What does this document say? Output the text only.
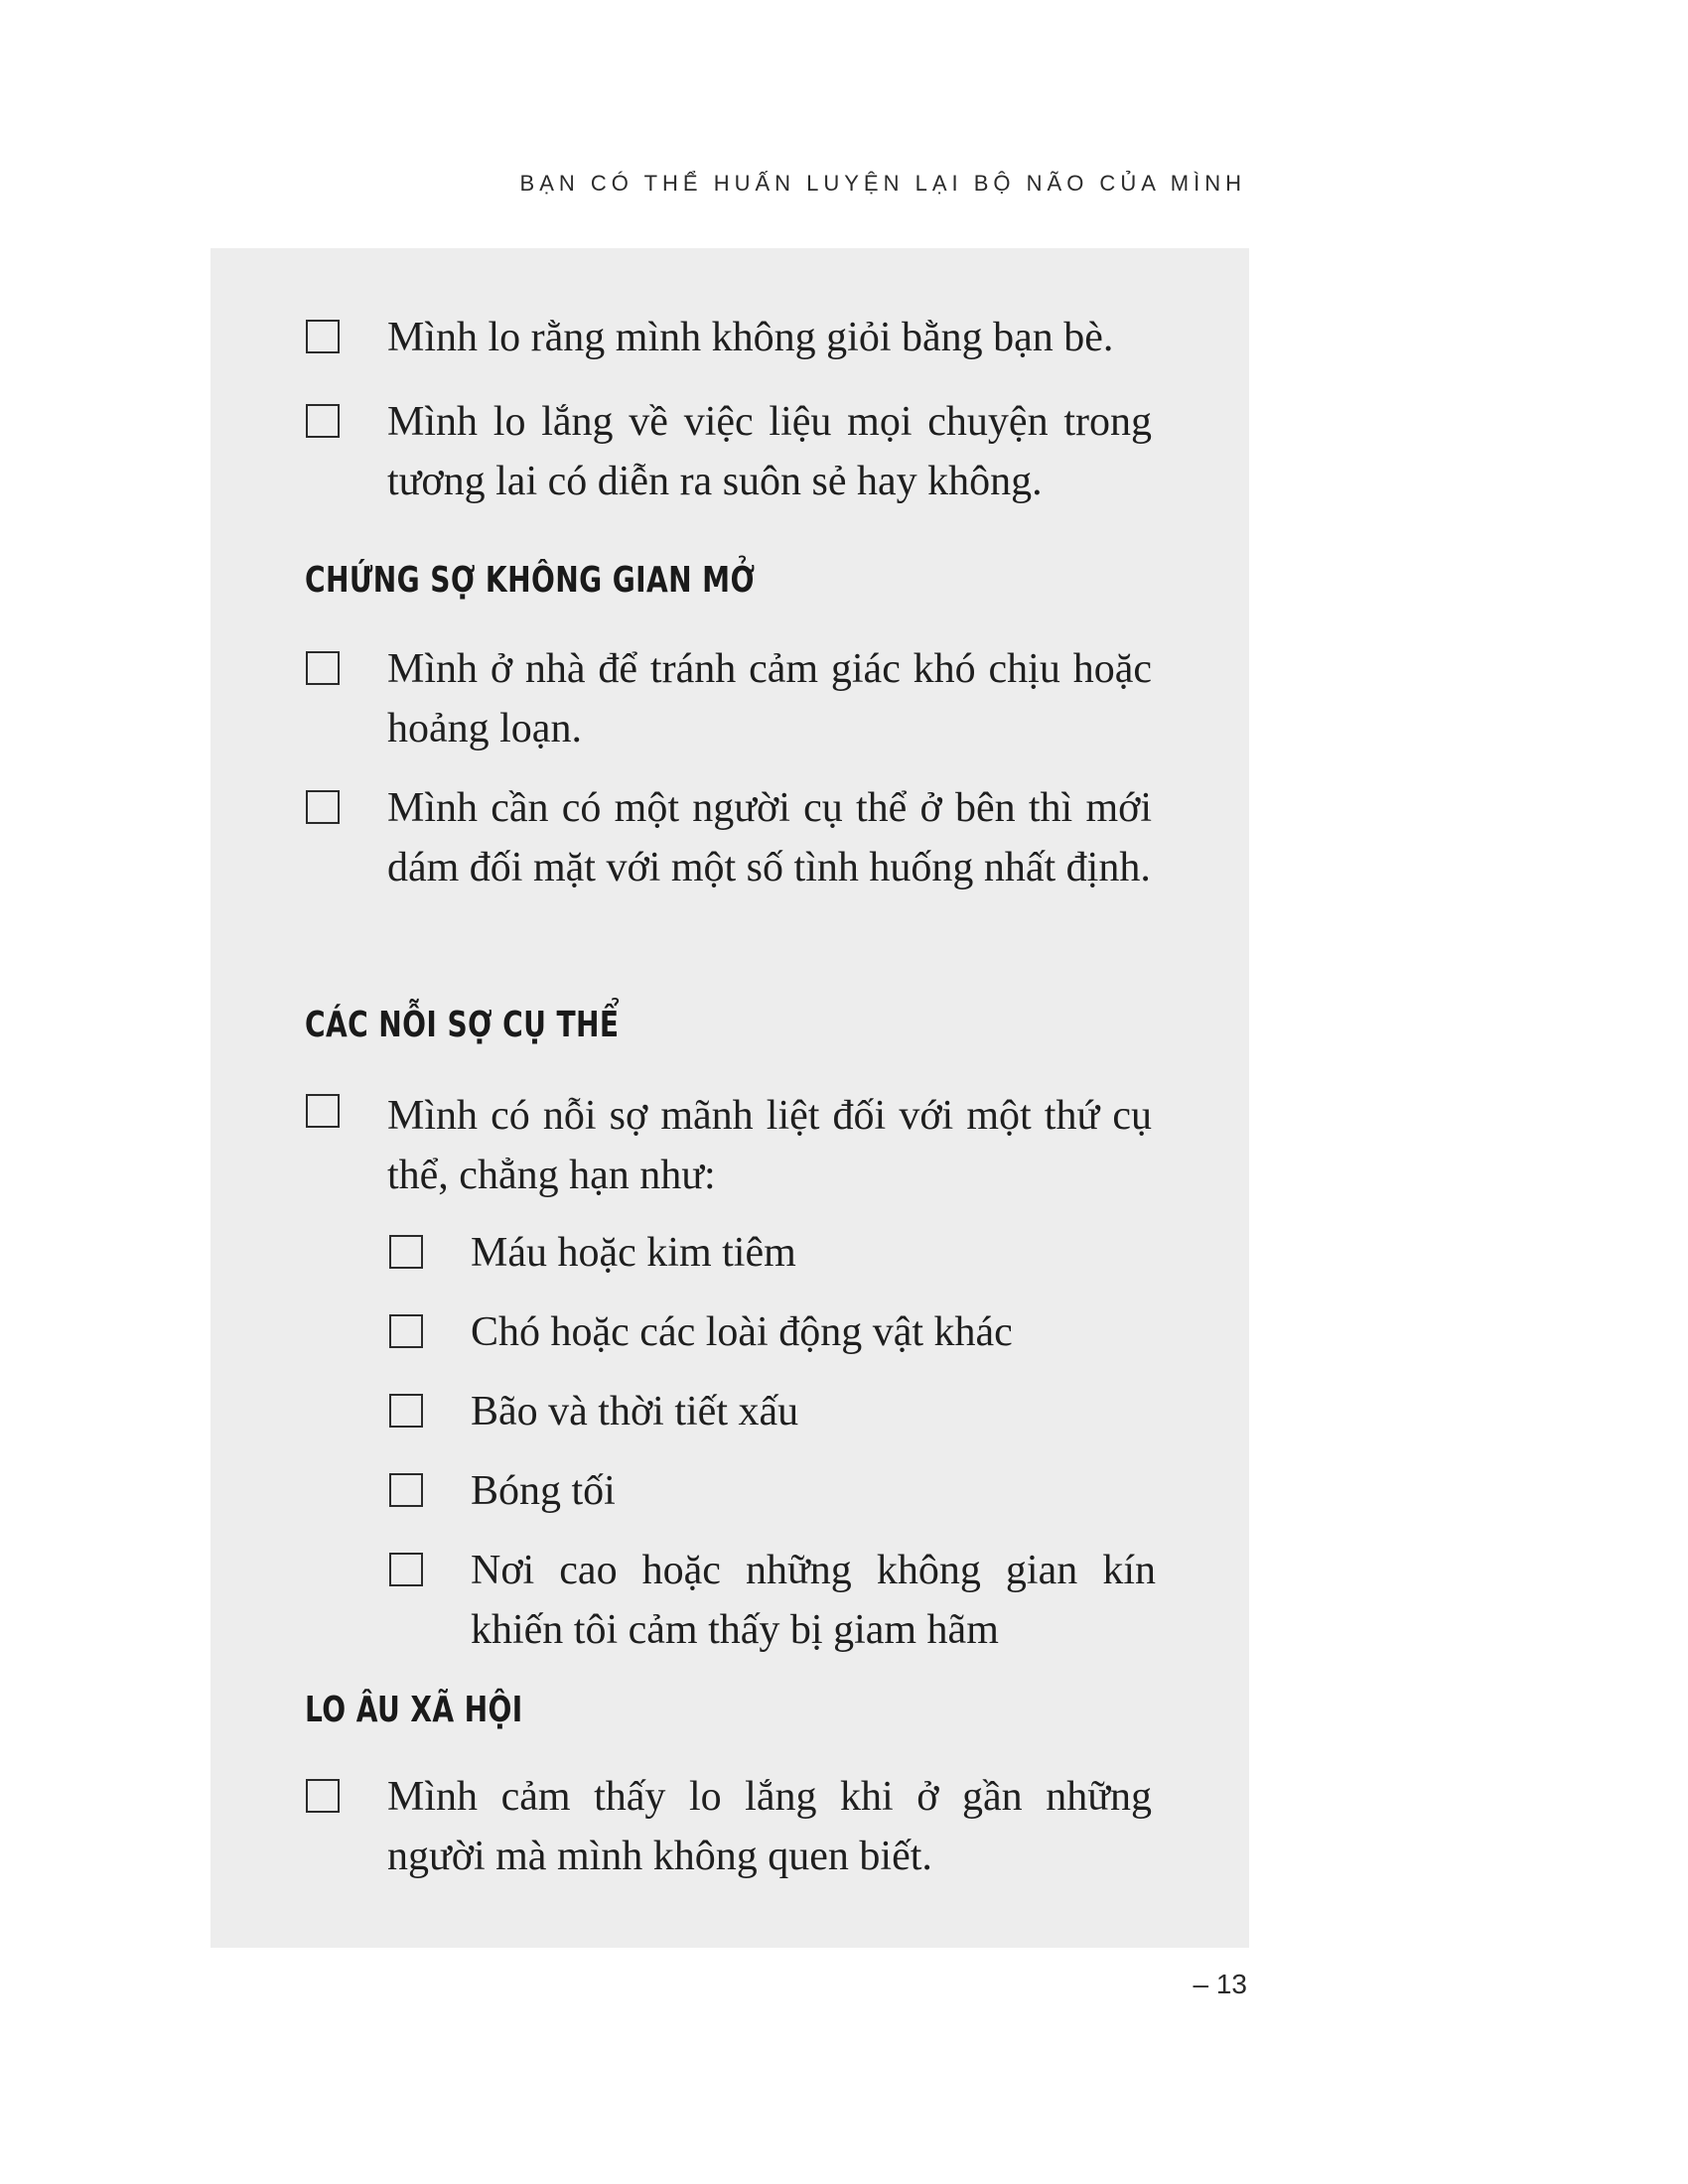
BẠN CÓ THỂ HUẤN LUYỆN LẠI BỘ NÃO CỦA MÌNH
Mình lo rằng mình không giỏi bằng bạn bè.
Mình lo lắng về việc liệu mọi chuyện trong tương lai có diễn ra suôn sẻ hay không.
CHỨNG SỢ KHÔNG GIAN MỞ
Mình ở nhà để tránh cảm giác khó chịu hoặc hoảng loạn.
Mình cần có một người cụ thể ở bên thì mới dám đối mặt với một số tình huống nhất định.
CÁC NỖI SỢ CỤ THỂ
Mình có nỗi sợ mãnh liệt đối với một thứ cụ thể, chẳng hạn như:
Máu hoặc kim tiêm
Chó hoặc các loài động vật khác
Bão và thời tiết xấu
Bóng tối
Nơi cao hoặc những không gian kín khiến tôi cảm thấy bị giam hãm
LO ÂU XÃ HỘI
Mình cảm thấy lo lắng khi ở gần những người mà mình không quen biết.
– 13
